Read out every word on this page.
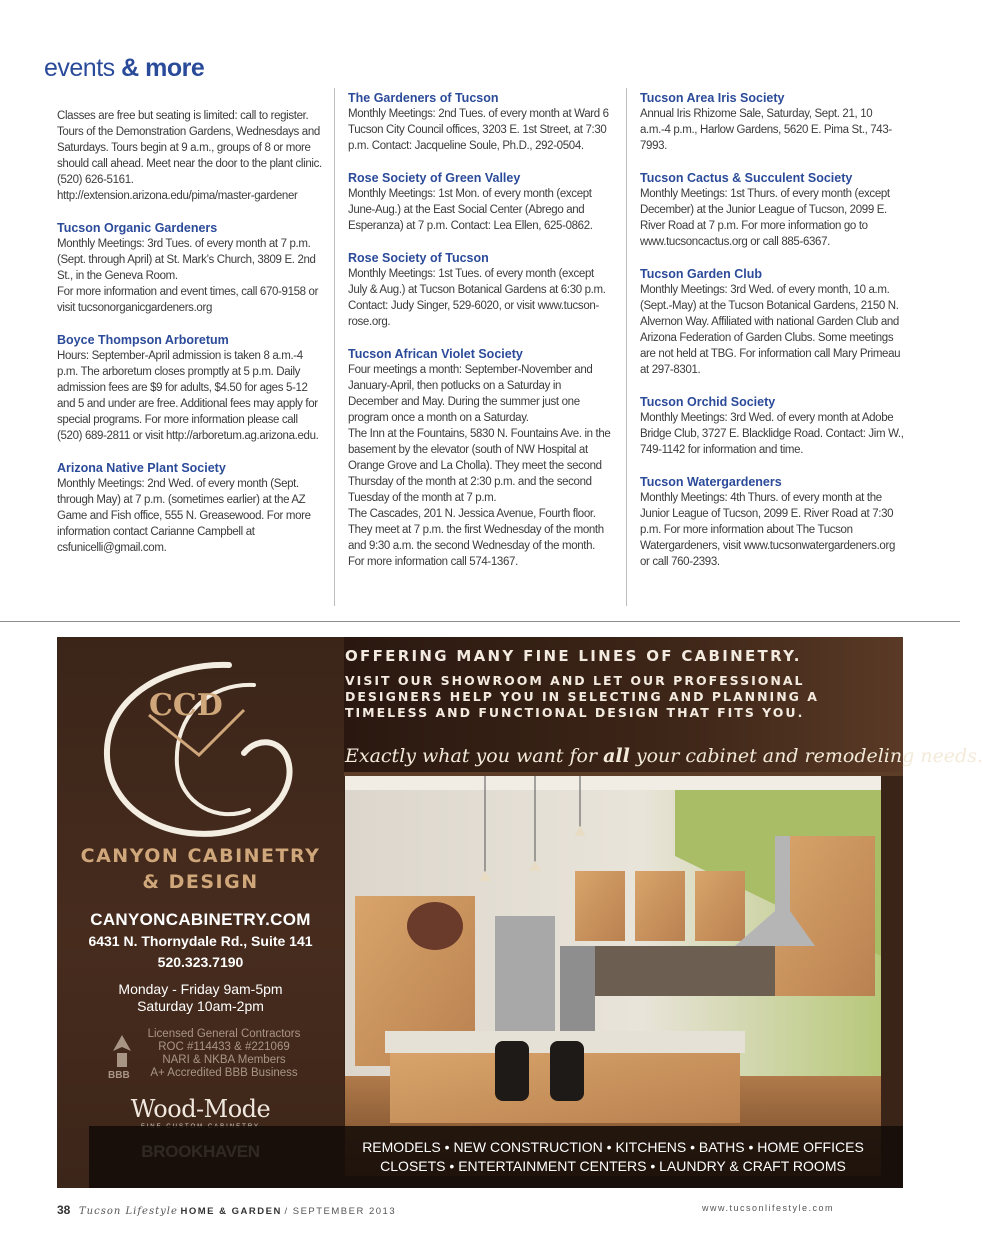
events & more

Classes are free but seating is limited: call to register. Tours of the Demonstration Gardens, Wednesdays and Saturdays. Tours begin at 9 a.m., groups of 8 or more should call ahead. Meet near the door to the plant clinic. (520) 626-5161.

http://extension.arizona.edu/pima/master-gardener

Tucson Organic Gardeners

Monthly Meetings: 3rd Tues. of every month at 7 p.m. (Sept. through April) at St. Mark’s Church, 3809 E. 2nd St., in the Geneva Room.

For more information and event times, call 670-9158 or visit tucsonorganicgardeners.org

Boyce Thompson Arboretum

Hours: September-April admission is taken 8 a.m.-4 p.m. The arboretum closes promptly at 5 p.m. Daily admission fees are $9 for adults, $4.50 for ages 5-12 and 5 and under are free. Additional fees may apply for special programs. For more information please call (520) 689-2811 or visit http://arboretum.ag.arizona.edu.

Arizona Native Plant Society

Monthly Meetings: 2nd Wed. of every month (Sept. through May) at 7 p.m. (sometimes earlier) at the AZ Game and Fish office, 555 N. Greasewood. For more information contact Carianne Campbell at csfunicelli@gmail.com.

The Gardeners of Tucson

Monthly Meetings: 2nd Tues. of every month at Ward 6 Tucson City Council offices, 3203 E. 1st Street, at 7:30 p.m. Contact: Jacqueline Soule, Ph.D., 292-0504.

Rose Society of Green Valley

Monthly Meetings: 1st Mon. of every month (except June-Aug.) at the East Social Center (Abrego and Esperanza) at 7 p.m. Contact: Lea Ellen, 625-0862.

Rose Society of Tucson

Monthly Meetings: 1st Tues. of every month (except July & Aug.) at Tucson Botanical Gardens at 6:30 p.m. Contact: Judy Singer, 529-6020, or visit www.tucson-rose.org.

Tucson African Violet Society

Four meetings a month: September-November and January-April, then potlucks on a Saturday in December and May. During the summer just one program once a month on a Saturday.

The Inn at the Fountains, 5830 N. Fountains Ave. in the basement by the elevator (south of NW Hospital at Orange Grove and La Cholla). They meet the second Thursday of the month at 2:30 p.m. and the second Tuesday of the month at 7 p.m.

The Cascades, 201 N. Jessica Avenue, Fourth floor. They meet at 7 p.m. the first Wednesday of the month and 9:30 a.m. the second Wednesday of the month. For more information call 574-1367.

Tucson Area Iris Society

Annual Iris Rhizome Sale, Saturday, Sept. 21, 10 a.m.-4 p.m., Harlow Gardens, 5620 E. Pima St., 743-7993.

Tucson Cactus & Succulent Society

Monthly Meetings: 1st Thurs. of every month (except December) at the Junior League of Tucson, 2099 E. River Road at 7 p.m. For more information go to www.tucsoncactus.org or call 885-6367.

Tucson Garden Club

Monthly Meetings: 3rd Wed. of every month, 10 a.m. (Sept.-May) at the Tucson Botanical Gardens, 2150 N. Alvernon Way. Affiliated with national Garden Club and Arizona Federation of Garden Clubs. Some meetings are not held at TBG. For information call Mary Primeau at 297-8301.

Tucson Orchid Society

Monthly Meetings: 3rd Wed. of every month at Adobe Bridge Club, 3727 E. Blacklidge Road. Contact: Jim W., 749-1142 for information and time.

Tucson Watergardeners

Monthly Meetings: 4th Thurs. of every month at the Junior League of Tucson, 2099 E. River Road at 7:30 p.m. For more information about The Tucson Watergardeners, visit www.tucsonwatergardeners.org or call 760-2393.

CCD
CANYON CABINETRY
& DESIGN
CANYONCABINETRY.COM
6431 N. Thornydale Rd., Suite 141
520.323.7190
Monday - Friday 9am-5pm
Saturday 10am-2pm
BBB
Licensed General Contractors
ROC #114433 & #221069
NARI & NKBA Members
A+ Accredited BBB Business
Wood-Mode
OFFERING MANY FINE LINES OF CABINETRY.
VISIT OUR SHOWROOM AND LET OUR PROFESSIONAL DESIGNERS HELP YOU IN SELECTING AND PLANNING A TIMELESS AND FUNCTIONAL DESIGN THAT FITS YOU.
Exactly what you want for all your cabinet and remodeling needs.
REMODELS • NEW CONSTRUCTION • KITCHENS • BATHS • HOME OFFICES
CLOSETS • ENTERTAINMENT CENTERS • LAUNDRY & CRAFT ROOMS
38 Tucson Lifestyle HOME & GARDEN / SEPTEMBER 2013	www.tucsonlifestyle.com
